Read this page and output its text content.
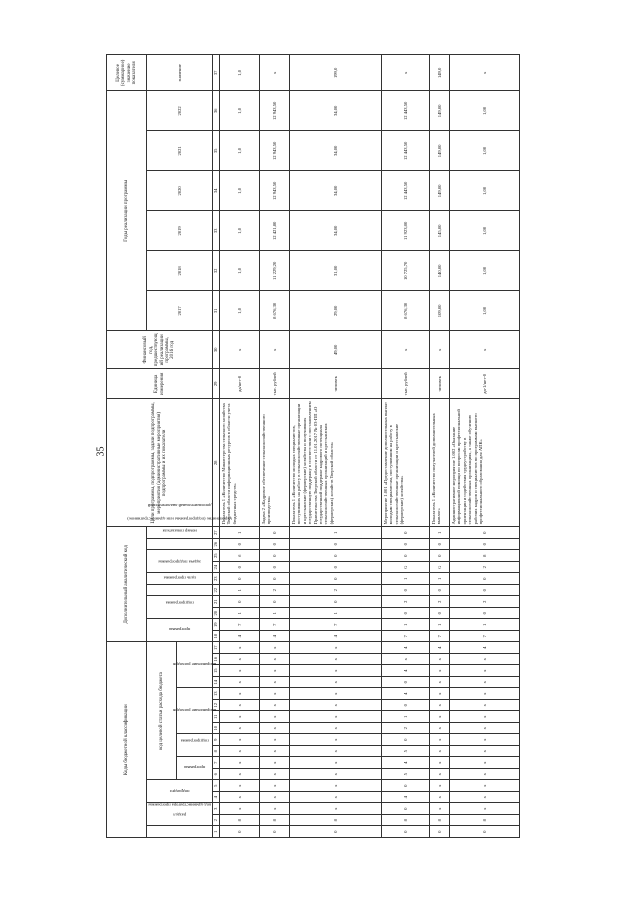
35
Коды бюджетной классификации																	Дополнительный аналитический код										Цели программы, подпрограммы, задачи подпрограммы, мероприятия (административные мероприятия) подпрограммы и их показатели	Единица измерения	Финансовый год, предшествующий реализации программы, 2016 год	Годы реализации программы						Целевое (суммарное) значение показателя
код администратора программы	раздел		подраздел		код целевой статьи расхода бюджета												программа		подпрограмма		цель программы	задача подпрограммы	мероприятие (подпрограммы или административное)		номер показателя	дополнительный аналитический				2017	2018	2019	2020	2021	2022	значение
					программа		подпрограмма		направление расходов				направление расходов																							
1	2	3	4	5	6	7	8	9	10	11	12	13	14	15	16	17	18	19	20	21	22	23	24	25	26	27	28	29	30	31	32	33	34	35	36	37
0	8	х	х	х	х	х	х	х	х	х	х	х	х	х	х	х	4	7	1	0	1	0	0	б	0	1	Показатель 1 «Количество Министерства сельского хозяйства Тверской области информационных ресурсов в области учета бюджетных средств»	да/нет-0	х	1,0	1,0	1,0	1,0	1,0	1,0	1,0
0	8	х	х	х	х	х	х	х	х	х	х	х	х	х	х	х	4	7	1	0	2	0	0	0	0	0	Задача 2 «Кадровое обеспечение сельскохозяйственного производства»	тыс. рублей	х	8 676,30	11 229,20	12 421,80	12 943,50	12 943,50	12 943,50	х
0	8	х	х	х	х	х	х	х	х	х	х	х	х	х	х	х	4	7	1	0	2	0	0	0	0	1	Показатель 1 «Количество молодых специалистов, поступивших на работу в сельскохозяйственные организации и крестьянские (фермерские) хозяйства и получивших государственную поддержку в соответствии с постановлением Правительства Тверской области от 11.01.2017 № 03-ПП «О государственной поддержке кадрового потенциала сельскохозяйственных организаций и крестьянских (фермерских) хозяйств Тверской области»	человек	49,00	29,00	31,00	34,00	34,00	34,00	34,00	199,0
0	8	0	4	0	5	4	5	0	2	1	0	4	0	4	х	4	7	1	0	2	0	1	G	0	0	0	Мероприятие 1.001 «Предоставление дополнительных выплат молодым специалистам, поступившим на работу в сельскохозяйственные организации и крестьянские (фермерские) хозяйства»	тыс. рублей	х	8 676,30	10 725,70	11 923,80	12 443,50	12 443,50	12 443,50	х
0	8	х	х	х	х	х	х	х	х	х	х	х	х	х	х	4	7	1	0	2	0	1	G	0	0	1	Показатель 1 «Количество получателей дополнительных выплат»	человек	х	109,00	140,00	145,00	149,00	149,00	149,00	149,0
0	8	х	х	х	х	х	х	х	х	х	х	х	х	х	х	4	7	1	0	2	0	0	2	8	0	0	Административное мероприятие 1.002 «Оказание информационной помощи по вопросам профессиональной ориентации и содействия трудоустройству в сельскохозяйственных организациях, а также обучению рабочих кадров и специалистов по программам высшего профессионального образования для АПК»	да-1/нет-0	х	1,00	1,00	1,00	1,00	1,00	1,00	х
